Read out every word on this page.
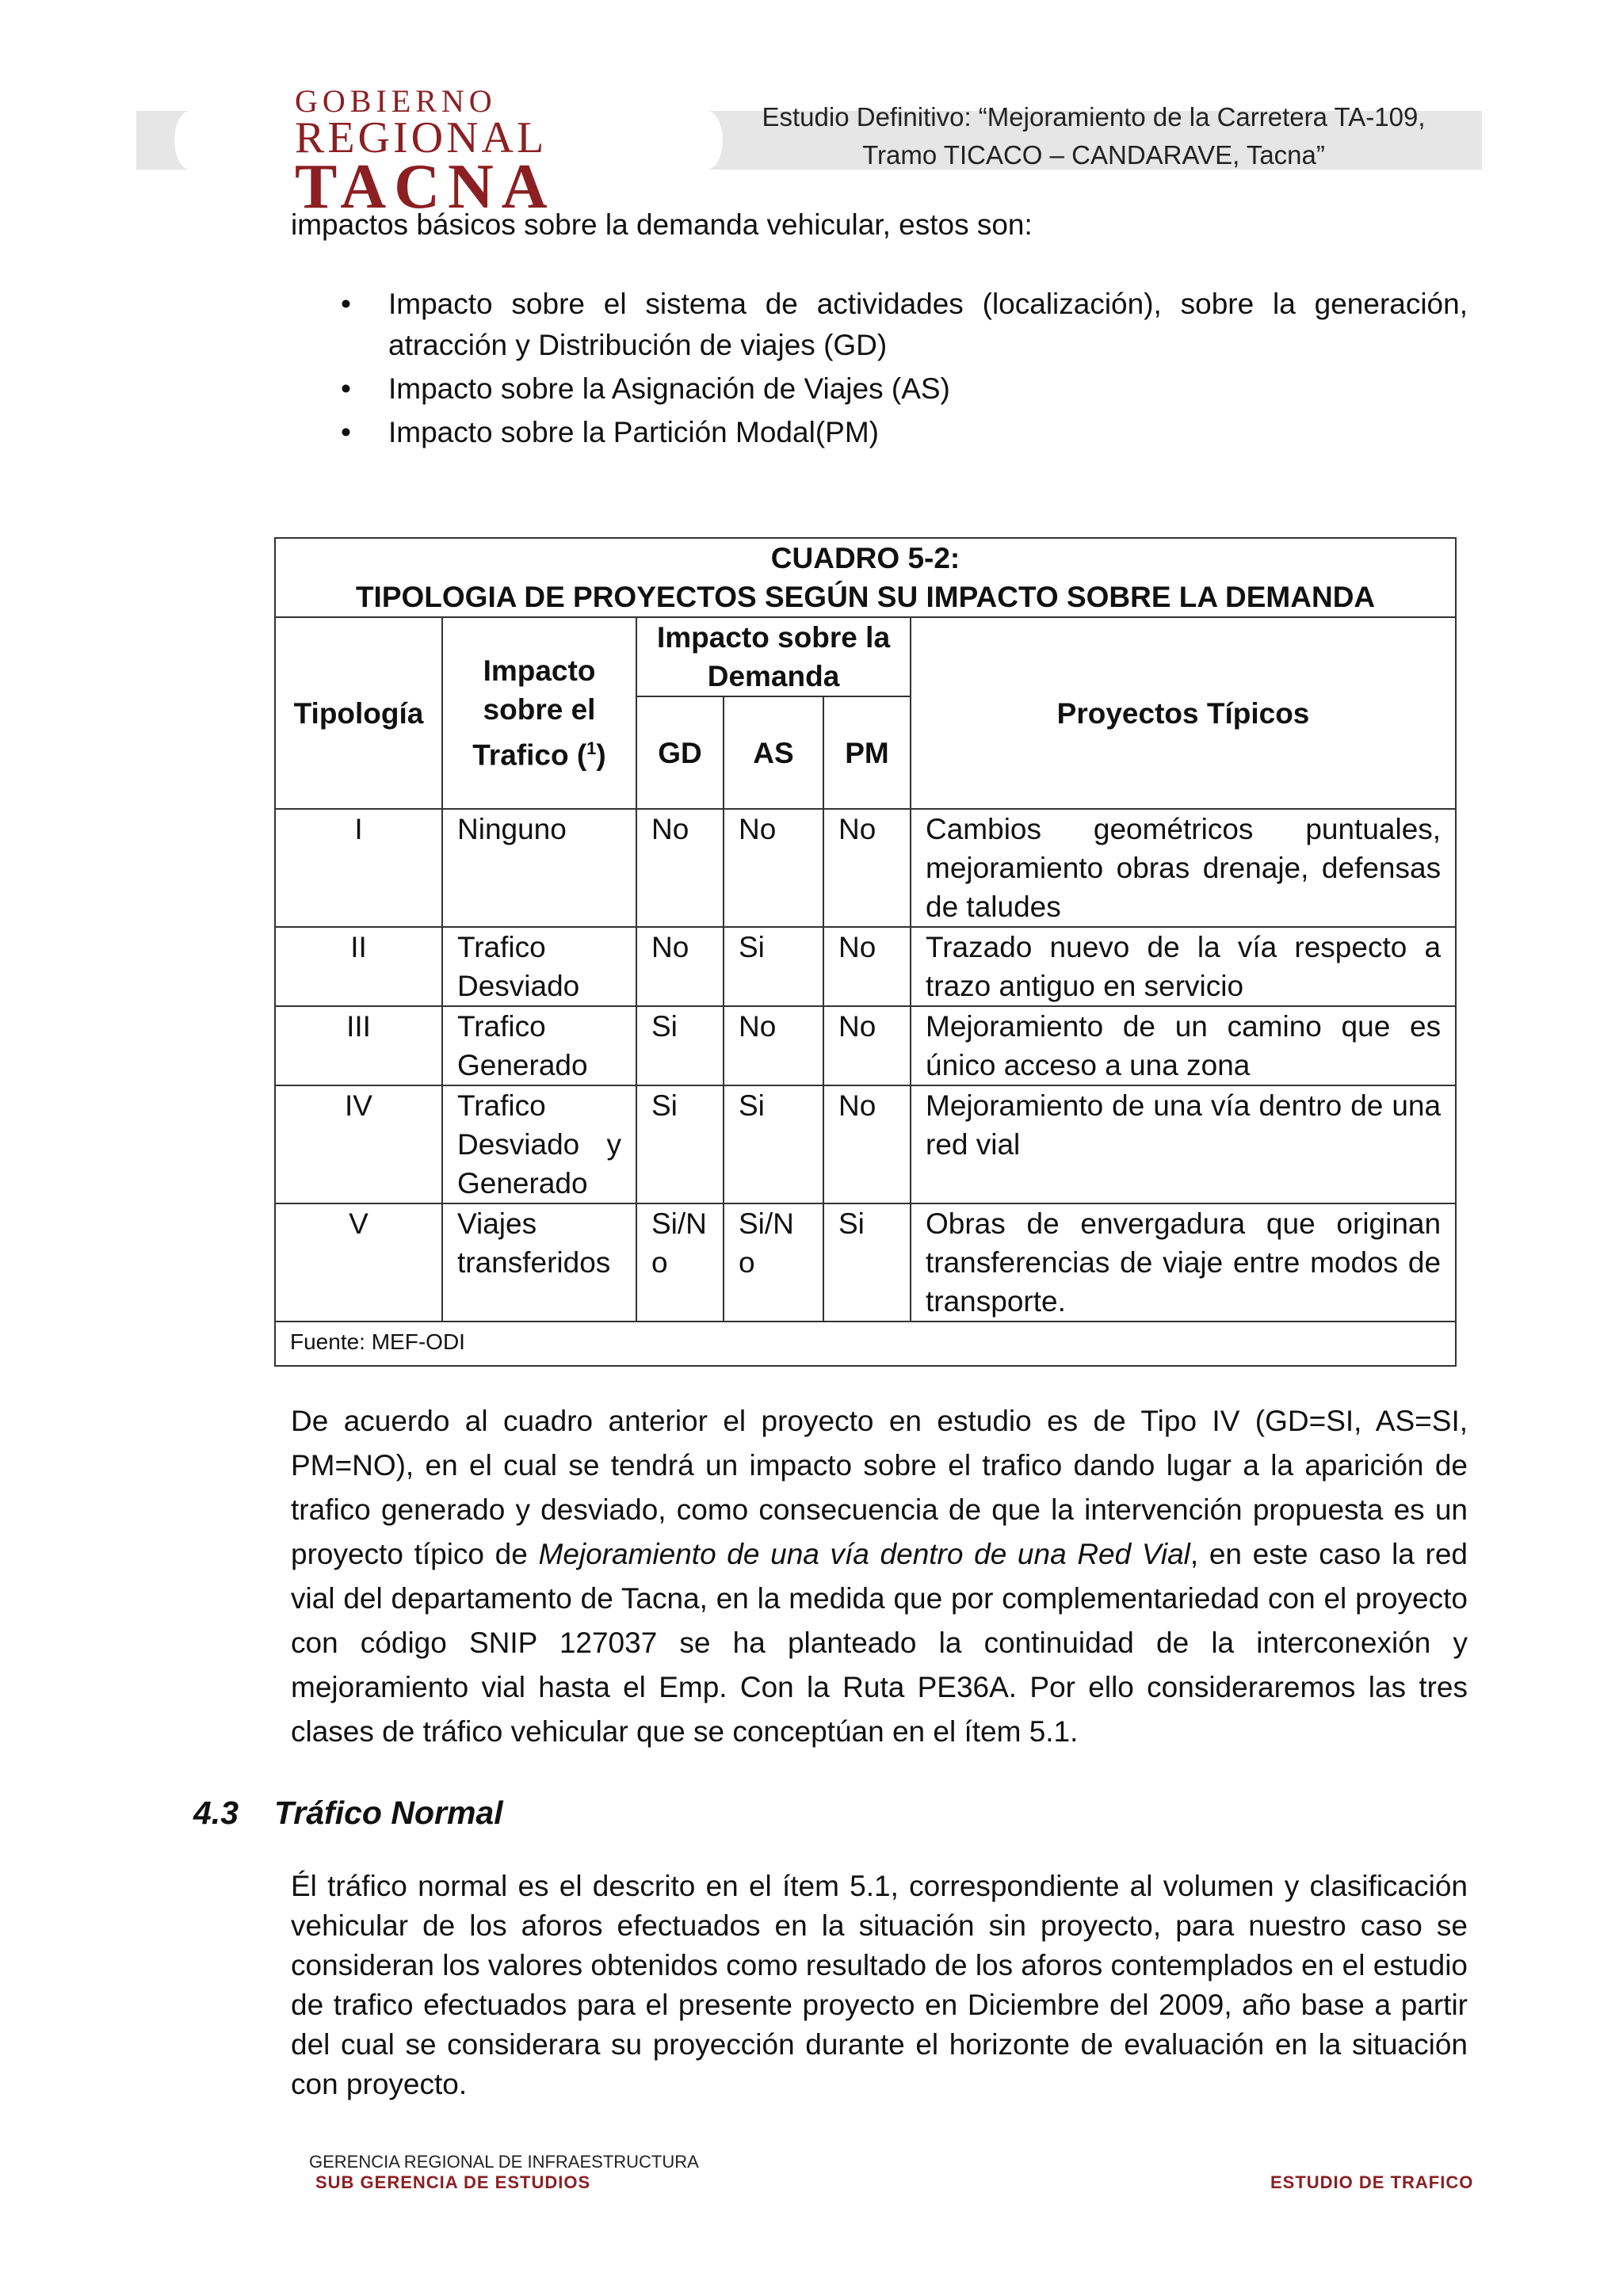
GOBIERNO
REGIONAL
TACNA
Estudio Definitivo: “Mejoramiento de la Carretera TA-109,
Tramo TICACO – CANDARAVE, Tacna”
impactos básicos sobre la demanda vehicular, estos son:
• Impacto sobre el sistema de actividades (localización), sobre la generación, atracción y Distribución de viajes (GD)
• Impacto sobre la Asignación de Viajes (AS)
• Impacto sobre la Partición Modal(PM)
CUADRO 5-2:
TIPOLOGIA DE PROYECTOS SEGÚN SU IMPACTO SOBRE LA DEMANDA					

Tipología	Impacto sobre el Trafico ($^1$)	Impacto sobre la Demanda			Proyectos Típicos
		GD	AS	PM	
I	Ninguno	No	No	No	Cambios geométricos puntuales, mejoramiento obras drenaje, defensas de taludes
II	Trafico Desviado	No	Si	No	Trazado nuevo de la vía respecto a trazo antiguo en servicio
III	Trafico Generado	Si	No	No	Mejoramiento de un camino que es único acceso a una zona
IV	Trafico Desviado y Generado	Si	Si	No	Mejoramiento de una vía dentro de una red vial
V	Viajes transferidos	Si/No	Si/No	Si	Obras de envergadura que originan transferencias de viaje entre modos de transporte.
Fuente: MEF-ODI					
De acuerdo al cuadro anterior el proyecto en estudio es de Tipo IV (GD=SI, AS=SI, PM=NO), en el cual se tendrá un impacto sobre el trafico dando lugar a la aparición de trafico generado y desviado, como consecuencia de que la intervención propuesta es un proyecto típico de Mejoramiento de una vía dentro de una Red Vial, en este caso la red vial del departamento de Tacna, en la medida que por complementariedad con el proyecto con código SNIP 127037 se ha planteado la continuidad de la interconexión y mejoramiento vial hasta el Emp. Con la Ruta PE36A. Por ello consideraremos las tres clases de tráfico vehicular que se conceptúan en el ítem 5.1.
4.3 Tráfico Normal
Él tráfico normal es el descrito en el ítem 5.1, correspondiente al volumen y clasificación vehicular de los aforos efectuados en la situación sin proyecto, para nuestro caso se consideran los valores obtenidos como resultado de los aforos contemplados en el estudio de trafico efectuados para el presente proyecto en Diciembre del 2009, año base a partir del cual se considerara su proyección durante el horizonte de evaluación en la situación con proyecto.
GERENCIA REGIONAL DE INFRAESTRUCTURA
SUB GERENCIA DE ESTUDIOS	ESTUDIO DE TRAFICO
